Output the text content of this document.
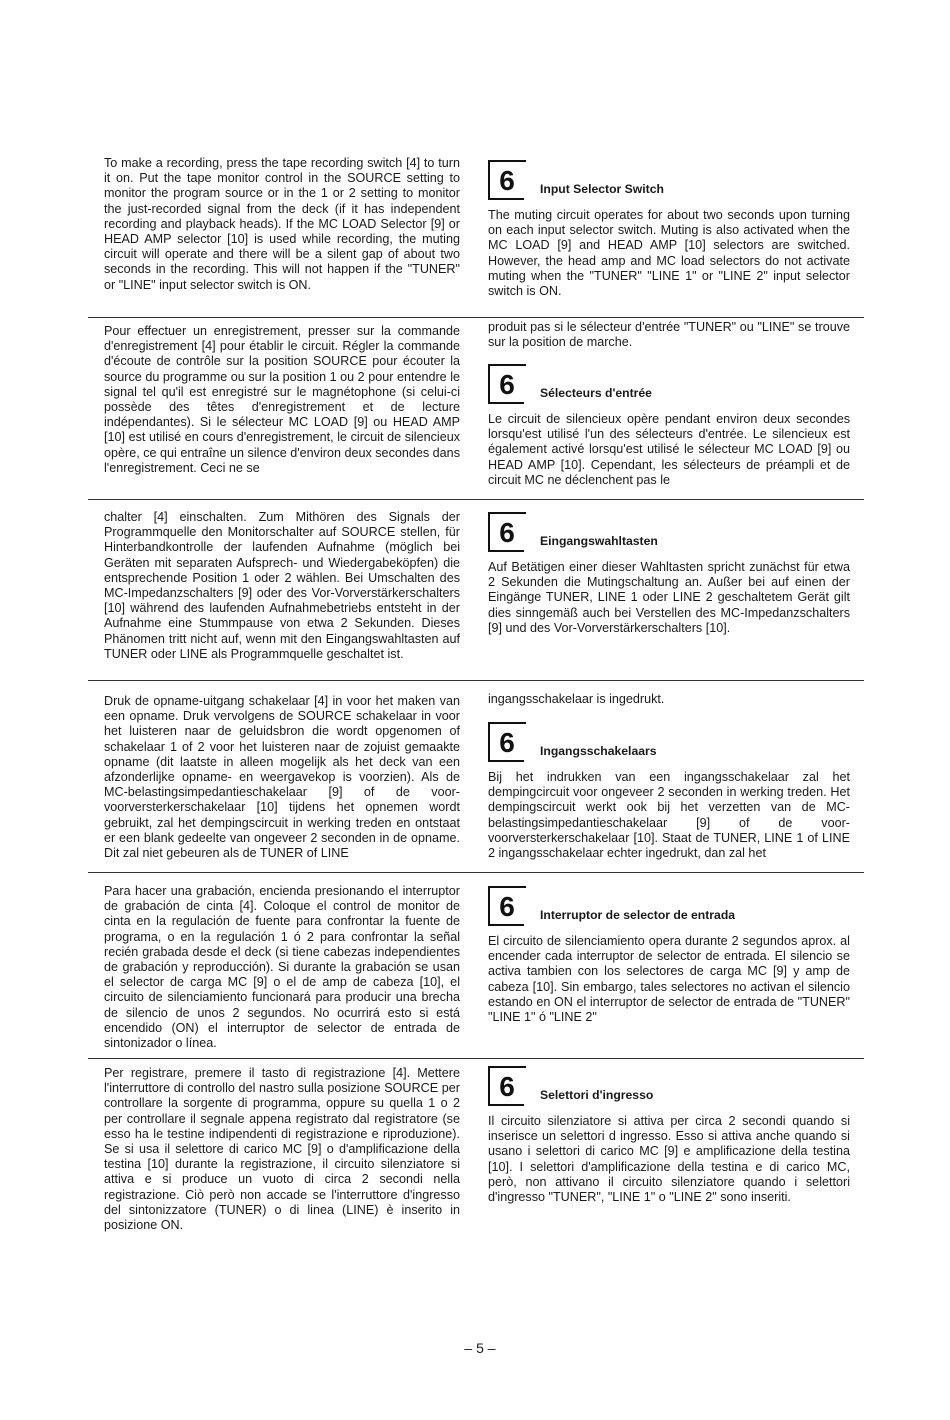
To make a recording, press the tape recording switch [4] to turn it on. Put the tape monitor control in the SOURCE setting to monitor the program source or in the 1 or 2 setting to monitor the just-recorded signal from the deck (if it has independent recording and playback heads). If the MC LOAD Selector [9] or HEAD AMP selector [10] is used while recording, the muting circuit will operate and there will be a silent gap of about two seconds in the recording. This will not happen if the "TUNER" or "LINE" input selector switch is ON.
6	Input Selector Switch
The muting circuit operates for about two seconds upon turning on each input selector switch. Muting is also activated when the MC LOAD [9] and HEAD AMP [10] selectors are switched. However, the head amp and MC load selectors do not activate muting when the "TUNER" "LINE 1" or "LINE 2" input selector switch is ON.
Pour effectuer un enregistrement, presser sur la commande d'enregistrement [4] pour établir le circuit. Régler la commande d'écoute de contrôle sur la position SOURCE pour écouter la source du programme ou sur la position 1 ou 2 pour entendre le signal tel qu'il est enregistré sur le magnétophone (si celui-ci possède des têtes d'enregistrement et de lecture indépendantes). Si le sélecteur MC LOAD [9] ou HEAD AMP [10] est utilisé en cours d'enregistrement, le circuit de silencieux opère, ce qui entraîne un silence d'environ deux secondes dans l'enregistrement. Ceci ne se
produit pas si le sélecteur d'entrée "TUNER" ou "LINE" se trouve sur la position de marche.
6	Sélecteurs d'entrée
Le circuit de silencieux opère pendant environ deux secondes lorsqu'est utilisé l'un des sélecteurs d'entrée. Le silencieux est également activé lorsqu'est utilisé le sélecteur MC LOAD [9] ou HEAD AMP [10]. Cependant, les sélecteurs de préampli et de circuit MC ne déclenchent pas le
chalter [4] einschalten. Zum Mithören des Signals der Programmquelle den Monitorschalter auf SOURCE stellen, für Hinterbandkontrolle der laufenden Aufnahme (möglich bei Geräten mit separaten Aufsprech- und Wiedergabeköpfen) die entsprechende Position 1 oder 2 wählen. Bei Umschalten des MC-Impedanzschalters [9] oder des Vor-Vorverstärkerschalters [10] während des laufenden Aufnahmebetriebs entsteht in der Aufnahme eine Stummpause von etwa 2 Sekunden. Dieses Phänomen tritt nicht auf, wenn mit den Eingangswahltasten auf TUNER oder LINE als Programmquelle geschaltet ist.
6	Eingangswahltasten
Auf Betätigen einer dieser Wahltasten spricht zunächst für etwa 2 Sekunden die Mutingschaltung an. Außer bei auf einen der Eingänge TUNER, LINE 1 oder LINE 2 geschaltetem Gerät gilt dies sinngemäß auch bei Verstellen des MC-Impedanzschalters [9] und des Vor-Vorverstärkerschalters [10].
Druk de opname-uitgang schakelaar [4] in voor het maken van een opname. Druk vervolgens de SOURCE schakelaar in voor het luisteren naar de geluidsbron die wordt opgenomen of schakelaar 1 of 2 voor het luisteren naar de zojuist gemaakte opname (dit laatste in alleen mogelijk als het deck van een afzonderlijke opname- en weergavekop is voorzien). Als de MC-belastingsimpedantieschakelaar [9] of de voor-voorversterkerschakelaar [10] tijdens het opnemen wordt gebruikt, zal het dempingscircuit in werking treden en ontstaat er een blank gedeelte van ongeveer 2 seconden in de opname. Dit zal niet gebeuren als de TUNER of LINE
ingangsschakelaar is ingedrukt.
6	Ingangsschakelaars
Bij het indrukken van een ingangsschakelaar zal het dempingcircuit voor ongeveer 2 seconden in werking treden. Het dempingscircuit werkt ook bij het verzetten van de MC-belastingsimpedantieschakelaar [9] of de voor-voorversterkerschakelaar [10]. Staat de TUNER, LINE 1 of LINE 2 ingangsschakelaar echter ingedrukt, dan zal het
Para hacer una grabación, encienda presionando el interruptor de grabación de cinta [4]. Coloque el control de monitor de cinta en la regulación de fuente para confrontar la fuente de programa, o en la regulación 1 ó 2 para confrontar la señal recién grabada desde el deck (si tiene cabezas independientes de grabación y reproducción). Si durante la grabación se usan el selector de carga MC [9] o el de amp de cabeza [10], el circuito de silenciamiento funcionará para producir una brecha de silencio de unos 2 segundos. No ocurrirá esto si está encendido (ON) el interruptor de selector de entrada de sintonizador o línea.
6	Interruptor de selector de entrada
El circuito de silenciamiento opera durante 2 segundos aprox. al encender cada interruptor de selector de entrada. El silencio se activa tambien con los selectores de carga MC [9] y amp de cabeza [10]. Sin embargo, tales selectores no activan el silencio estando en ON el interruptor de selector de entrada de "TUNER" "LINE 1" ó "LINE 2"
Per registrare, premere il tasto di registrazione [4]. Mettere l'interruttore di controllo del nastro sulla posizione SOURCE per controllare la sorgente di programma, oppure su quella 1 o 2 per controllare il segnale appena registrato dal registratore (se esso ha le testine indipendenti di registrazione e riproduzione). Se si usa il selettore di carico MC [9] o d'amplificazione della testina [10] durante la registrazione, il circuito silenziatore si attiva e si produce un vuoto di circa 2 secondi nella registrazione. Ciò però non accade se l'interruttore d'ingresso del sintonizzatore (TUNER) o di linea (LINE) è inserito in posizione ON.
6	Selettori d'ingresso
Il circuito silenziatore si attiva per circa 2 secondi quando si inserisce un selettori d ingresso. Esso si attiva anche quando si usano i selettori di carico MC [9] e amplificazione della testina [10]. I selettori d'amplificazione della testina e di carico MC, però, non attivano il circuito silenziatore quando i selettori d'ingresso "TUNER", "LINE 1" o "LINE 2" sono inseriti.
– 5 –
